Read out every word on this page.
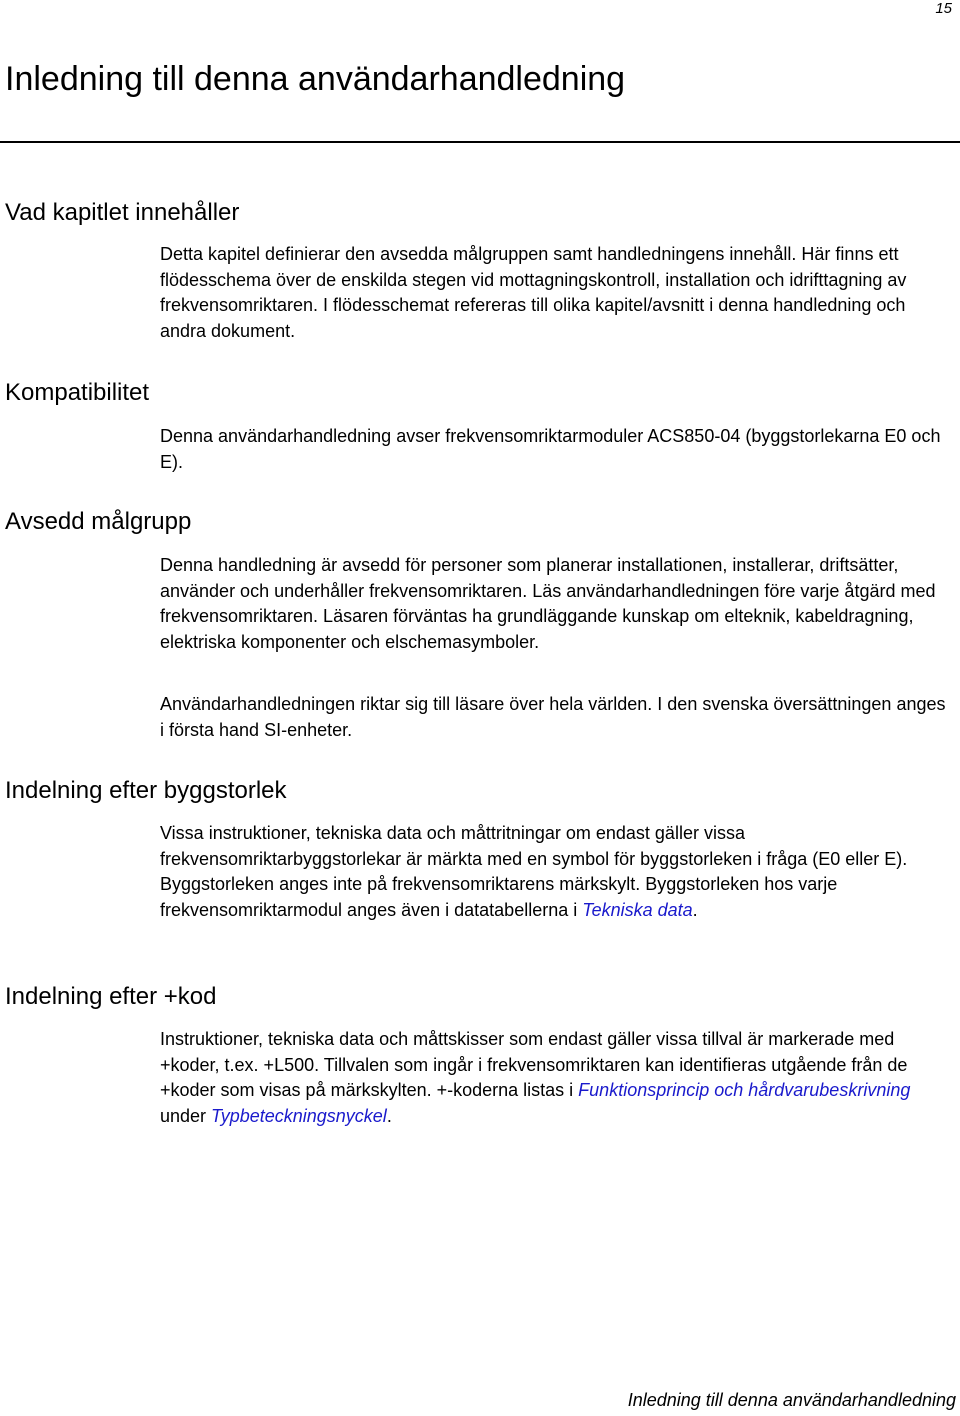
15
Inledning till denna användarhandledning
Vad kapitlet innehåller

Detta kapitel definierar den avsedda målgruppen samt handledningens innehåll. Här finns ett flödesschema över de enskilda stegen vid mottagningskontroll, installation och idrifttagning av frekvensomriktaren. I flödesschemat refereras till olika kapitel/avsnitt i denna handledning och andra dokument.

Kompatibilitet

Denna användarhandledning avser frekvensomriktarmoduler ACS850-04 (byggstorlekarna E0 och E).

Avsedd målgrupp

Denna handledning är avsedd för personer som planerar installationen, installerar, driftsätter, använder och underhåller frekvensomriktaren. Läs användarhandledningen före varje åtgärd med frekvensomriktaren. Läsaren förväntas ha grundläggande kunskap om elteknik, kabeldragning, elektriska komponenter och elschemasymboler.

Användarhandledningen riktar sig till läsare över hela världen. I den svenska översättningen anges i första hand SI-enheter.

Indelning efter byggstorlek

Vissa instruktioner, tekniska data och måttritningar om endast gäller vissa frekvensomriktarbyggstorlekar är märkta med en symbol för byggstorleken i fråga (E0 eller E). Byggstorleken anges inte på frekvensomriktarens märkskylt. Byggstorleken hos varje frekvensomriktarmodul anges även i datatabellerna i Tekniska data.

Indelning efter +kod

Instruktioner, tekniska data och måttskisser som endast gäller vissa tillval är markerade med +koder, t.ex. +L500. Tillvalen som ingår i frekvensomriktaren kan identifieras utgående från de +koder som visas på märkskylten. +-koderna listas i Funktionsprincip och hårdvarubeskrivning under Typbeteckningsnyckel.

Inledning till denna användarhandledning
